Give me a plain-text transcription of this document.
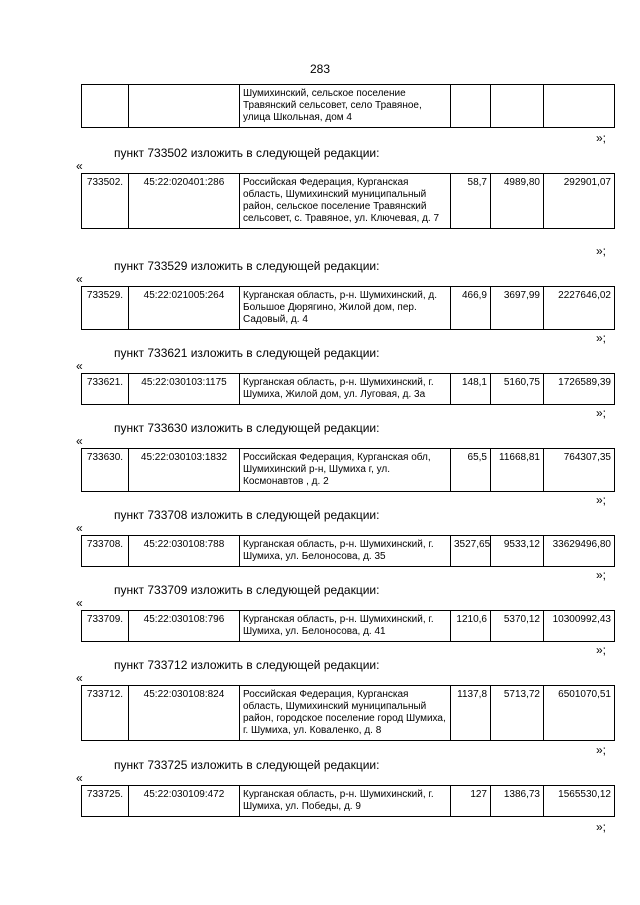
283
		Шумихинский, сельское поселение Травянский сельсовет, село Травяное, улица Школьная, дом 4			
»;
пункт 733502 изложить в следующей редакции:
«
733502.	45:22:020401:286	Российская Федерация, Курганская область, Шумихинский муниципальный район, сельское поселение Травянский сельсовет, с. Травяное, ул. Ключевая, д. 7	58,7	4989,80	292901,07
»;
пункт 733529 изложить в следующей редакции:
«
733529.	45:22:021005:264	Курганская область, р-н. Шумихинский, д. Большое Дюрягино, Жилой дом, пер. Садовый, д. 4	466,9	3697,99	2227646,02
»;
пункт 733621 изложить в следующей редакции:
«
733621.	45:22:030103:1175	Курганская область, р-н. Шумихинский, г. Шумиха, Жилой дом, ул. Луговая, д. 3а	148,1	5160,75	1726589,39
»;
пункт 733630 изложить в следующей редакции:
«
733630.	45:22:030103:1832	Российская Федерация, Курганская обл, Шумихинский р-н, Шумиха г, ул. Космонавтов , д. 2	65,5	11668,81	764307,35
»;
пункт 733708 изложить в следующей редакции:
«
733708.	45:22:030108:788	Курганская область, р-н. Шумихинский, г. Шумиха, ул. Белоносова, д. 35	3527,65	9533,12	33629496,80
»;
пункт 733709 изложить в следующей редакции:
«
733709.	45:22:030108:796	Курганская область, р-н. Шумихинский, г. Шумиха, ул. Белоносова, д. 41	1210,6	5370,12	10300992,43
»;
пункт 733712 изложить в следующей редакции:
«
733712.	45:22:030108:824	Российская Федерация, Курганская область, Шумихинский муниципальный район, городское поселение город Шумиха, г. Шумиха, ул. Коваленко, д. 8	1137,8	5713,72	6501070,51
»;
пункт 733725 изложить в следующей редакции:
«
733725.	45:22:030109:472	Курганская область, р-н. Шумихинский, г. Шумиха, ул. Победы, д. 9	127	1386,73	1565530,12
»;
